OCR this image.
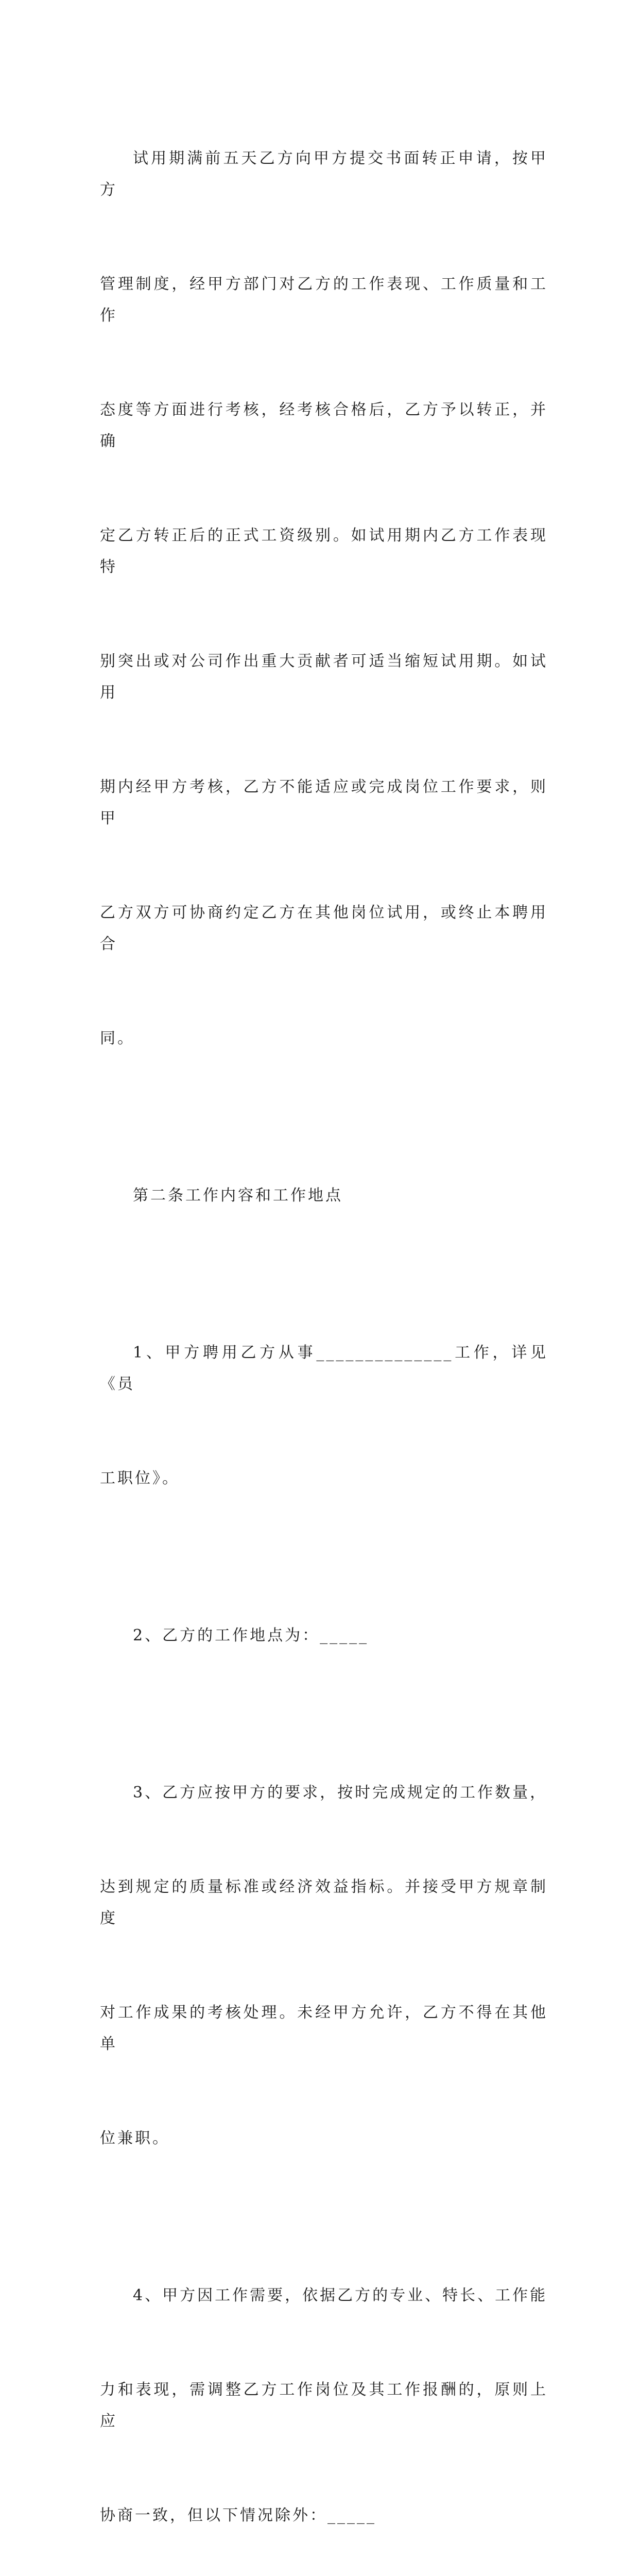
试用期满前五天乙方向甲方提交书面转正申请，按甲方

管理制度，经甲方部门对乙方的工作表现、工作质量和工作

态度等方面进行考核，经考核合格后，乙方予以转正，并确

定乙方转正后的正式工资级别。如试用期内乙方工作表现特

别突出或对公司作出重大贡献者可适当缩短试用期。如试用

期内经甲方考核，乙方不能适应或完成岗位工作要求，则甲

乙方双方可协商约定乙方在其他岗位试用，或终止本聘用合

同。

第二条工作内容和工作地点

1、甲方聘用乙方从事______________工作，详见《员

工职位》。

2、乙方的工作地点为：_____

3、乙方应按甲方的要求，按时完成规定的工作数量，

达到规定的质量标准或经济效益指标。并接受甲方规章制度

对工作成果的考核处理。未经甲方允许，乙方不得在其他单

位兼职。

4、甲方因工作需要，依据乙方的专业、特长、工作能

力和表现，需调整乙方工作岗位及其工作报酬的，原则上应

协商一致，但以下情况除外：_____
